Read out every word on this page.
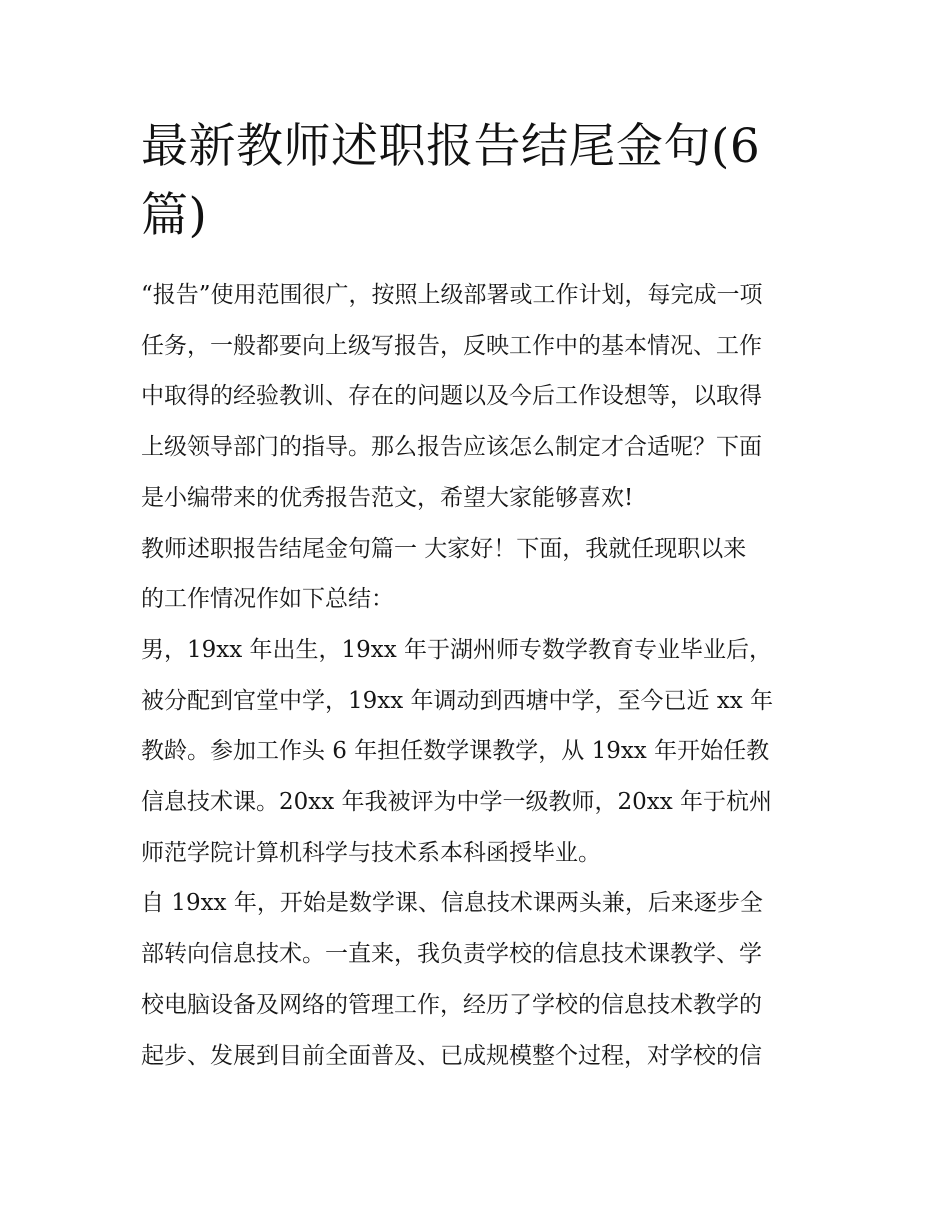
最新教师述职报告结尾金句(6
篇)

“报告”使用范围很广，按照上级部署或工作计划，每完成一项
任务，一般都要向上级写报告，反映工作中的基本情况、工作
中取得的经验教训、存在的问题以及今后工作设想等，以取得
上级领导部门的指导。那么报告应该怎么制定才合适呢？下面
是小编带来的优秀报告范文，希望大家能够喜欢!

教师述职报告结尾金句篇一 大家好！下面，我就任现职以来
的工作情况作如下总结：

男，19xx 年出生，19xx 年于湖州师专数学教育专业毕业后，
被分配到官堂中学，19xx 年调动到西塘中学，至今已近 xx 年
教龄。参加工作头 6 年担任数学课教学，从 19xx 年开始任教
信息技术课。20xx 年我被评为中学一级教师，20xx 年于杭州
师范学院计算机科学与技术系本科函授毕业。

自 19xx 年，开始是数学课、信息技术课两头兼，后来逐步全
部转向信息技术。一直来，我负责学校的信息技术课教学、学
校电脑设备及网络的管理工作，经历了学校的信息技术教学的
起步、发展到目前全面普及、已成规模整个过程，对学校的信
